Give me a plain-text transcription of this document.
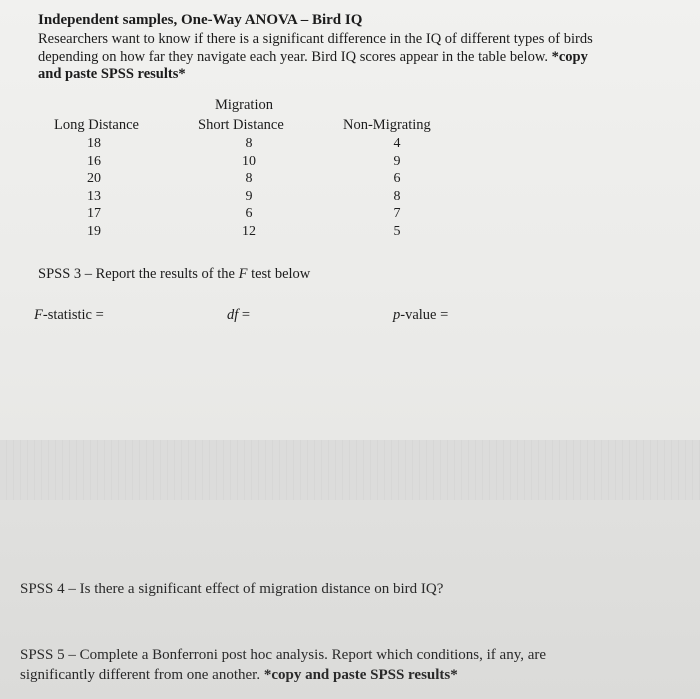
Independent samples, One-Way ANOVA – Bird IQ
Researchers want to know if there is a significant difference in the IQ of different types of birds
depending on how far they navigate each year. Bird IQ scores appear in the table below. *copy
and paste SPSS results*
Migration
Long Distance	Short Distance	Non-Migrating
18	8	4
16	10	9
20	8	6
13	9	8
17	6	7
19	12	5
SPSS 3 – Report the results of the F test below
F-statistic =	df =	p-value =
SPSS 4 – Is there a significant effect of migration distance on bird IQ?
SPSS 5 – Complete a Bonferroni post hoc analysis. Report which conditions, if any, are
significantly different from one another. *copy and paste SPSS results*
